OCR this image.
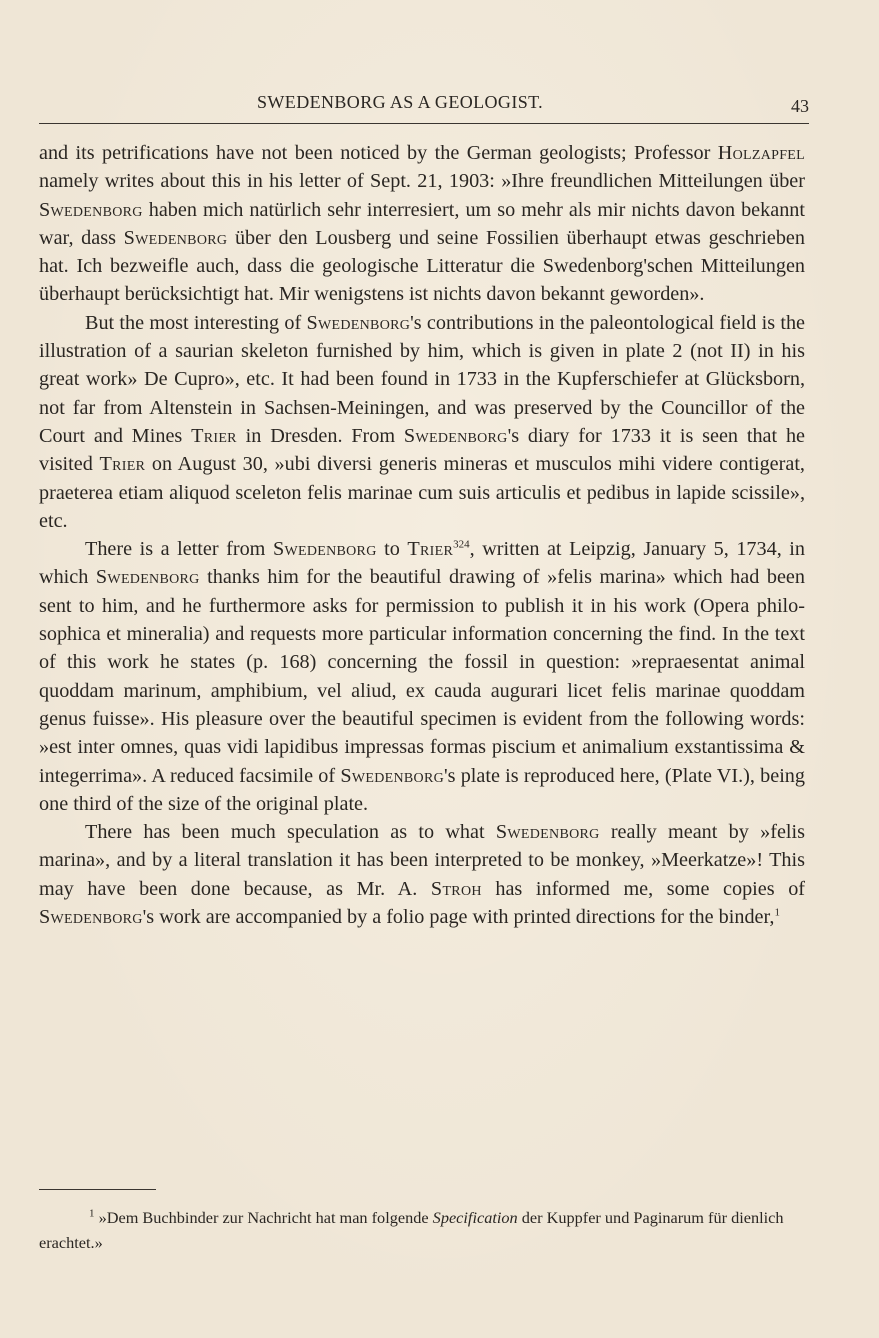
SWEDENBORG AS A GEOLOGIST.	43

and its petrifications have not been noticed by the German geologists; Professor Holzapfel namely writes about this in his letter of Sept. 21, 1903: »Ihre freundlichen Mitteilungen über Swedenborg haben mich natürlich sehr interresiert, um so mehr als mir nichts davon bekannt war, dass Swedenborg über den Lousberg und seine Fossilien überhaupt etwas geschrieben hat. Ich bezweifle auch, dass die geologische Litteratur die Swedenborg'schen Mitteilungen überhaupt berücksichtigt hat. Mir wenigstens ist nichts davon bekannt geworden».

But the most interesting of Swedenborg's contributions in the paleontological field is the illustration of a saurian skeleton furnished by him, which is given in plate 2 (not II) in his great work» De Cupro», etc. It had been found in 1733 in the Kupferschiefer at Glücksborn, not far from Altenstein in Sachsen-Meiningen, and was preserved by the Councillor of the Court and Mines Trier in Dresden. From Swedenborg's diary for 1733 it is seen that he visited Trier on August 30, »ubi diversi generis mineras et musculos mihi videre contigerat, praeterea etiam aliquod sceleton felis marinae cum suis articulis et pedibus in lapide scissile», etc.

There is a letter from Swedenborg to Trier$^{324}$, written at Leipzig, January 5, 1734, in which Swedenborg thanks him for the beautiful drawing of »felis marina» which had been sent to him, and he furthermore asks for permission to publish it in his work (Opera philosophica et mineralia) and requests more particular information concerning the find. In the text of this work he states (p. 168) concerning the fossil in question: »repraesentat animal quoddam marinum, amphibium, vel aliud, ex cauda augurari licet felis marinae quoddam genus fuisse». His pleasure over the beautiful specimen is evident from the following words: »est inter omnes, quas vidi lapidibus impressas formas piscium et animalium exstantissima & integerrima». A reduced facsimile of Swedenborg's plate is reproduced here, (Plate VI.), being one third of the size of the original plate.

There has been much speculation as to what Swedenborg really meant by »felis marina», and by a literal translation it has been interpreted to be monkey, »Meerkatze»! This may have been done because, as Mr. A. Stroh has informed me, some copies of Swedenborg's work are accompanied by a folio page with printed directions for the binder,$^1$

$^1$ »Dem Buchbinder zur Nachricht hat man folgende Specification der Kuppfer und Paginarum für dienlich erachtet.»
